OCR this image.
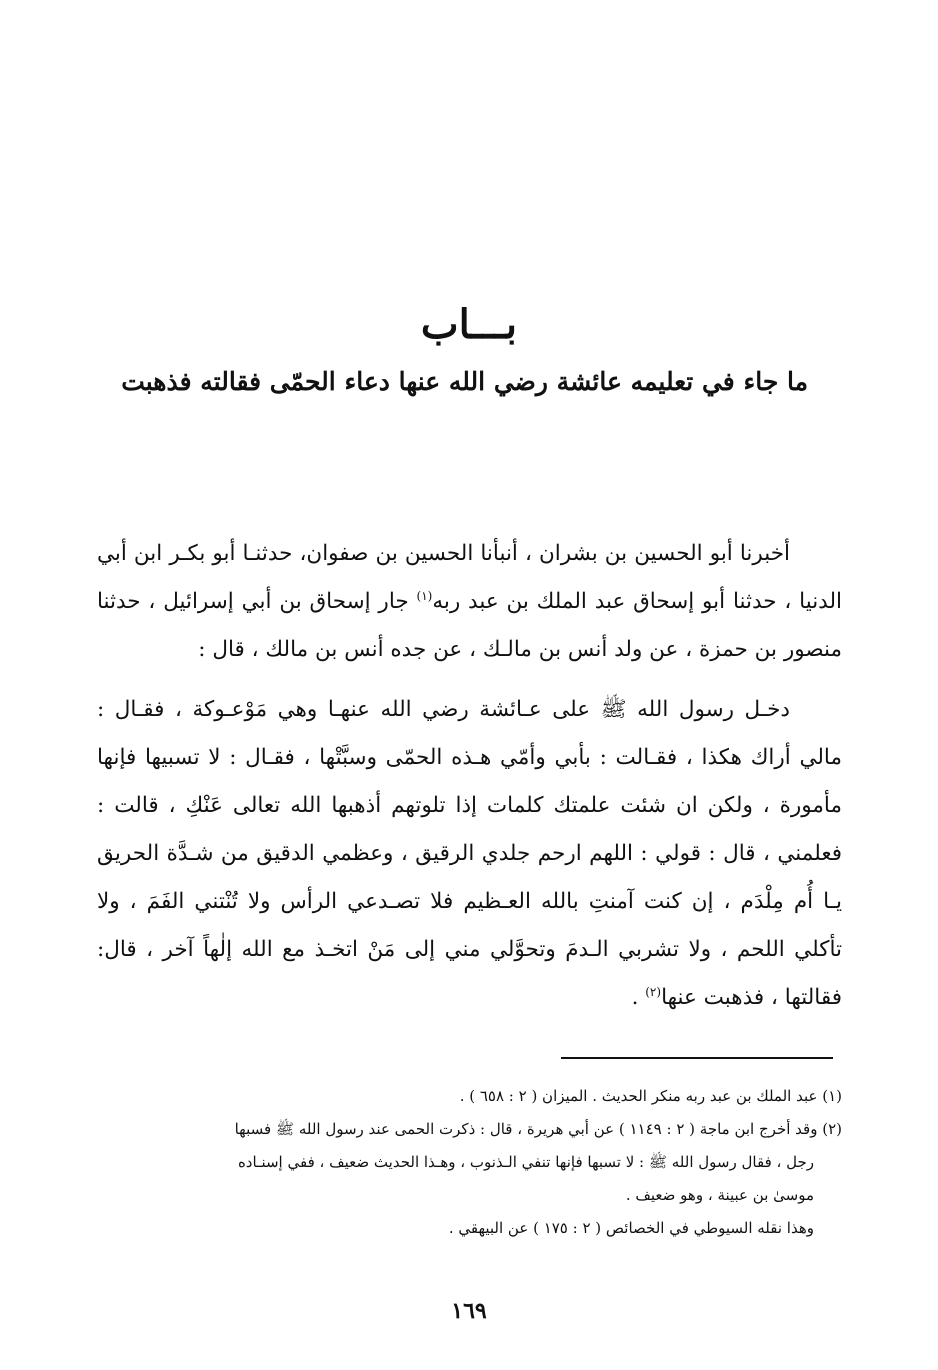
بـــاب
ما جاء في تعليمه عائشة رضي الله عنها دعاء الحمّى فقالته فذهبت

أخبرنا أبو الحسين بن بشران ، أنبأنا الحسين بن صفوان، حدثنـا أبو بكـر ابن أبي الدنيا ، حدثنا أبو إسحاق عبد الملك بن عبد ربه$^{(١)}$ جار إسحاق بن أبي إسرائيل ، حدثنا منصور بن حمزة ، عن ولد أنس بن مالـك ، عن جده أنس بن مالك ، قال :

دخـل رسول الله ﷺ على عـائشة رضي الله عنهـا وهي مَوْعـوكة ، فقـال : مالي أراك هكذا ، فقـالت : بأبي وأمّي هـذه الحمّى وسبَّتْها ، فقـال : لا تسبيها فإنها مأمورة ، ولكن ان شئت علمتك كلمات إذا تلوتهم أذهبها الله تعالى عَنْكِ ، قالت : فعلمني ، قال : قولي : اللهم ارحم جلدي الرقيق ، وعظمي الدقيق من شـدَّة الحريق يـا أُم مِلْدَم ، إن كنت آمنتِ بالله العـظيم فلا تصـدعي الرأس ولا تُنْتني الفَمَ ، ولا تأكلي اللحم ، ولا تشربي الـدمَ وتحوَّلي مني إلى مَنْ اتخـذ مع الله إلٰهاً آخر ، قال: فقالتها ، فذهبت عنها$^{(٢)}$ .

(١) عبد الملك بن عبد ربه منكر الحديث . الميزان ( ٢ : ٦٥٨ ) .

(٢) وقد أخرج ابن ماجة ( ٢ : ١١٤٩ ) عن أبي هريرة ، قال : ذكرت الحمى عند رسول الله ﷺ فسبها

رجل ، فقال رسول الله ﷺ : لا تسبها فإنها تنفي الـذنوب ، وهـذا الحديث ضعيف ، ففي إسنـاده

موسىٰ بن عبينة ، وهو ضعيف .

وهذا نقله السيوطي في الخصائص ( ٢ : ١٧٥ ) عن البيهقي .

١٦٩
